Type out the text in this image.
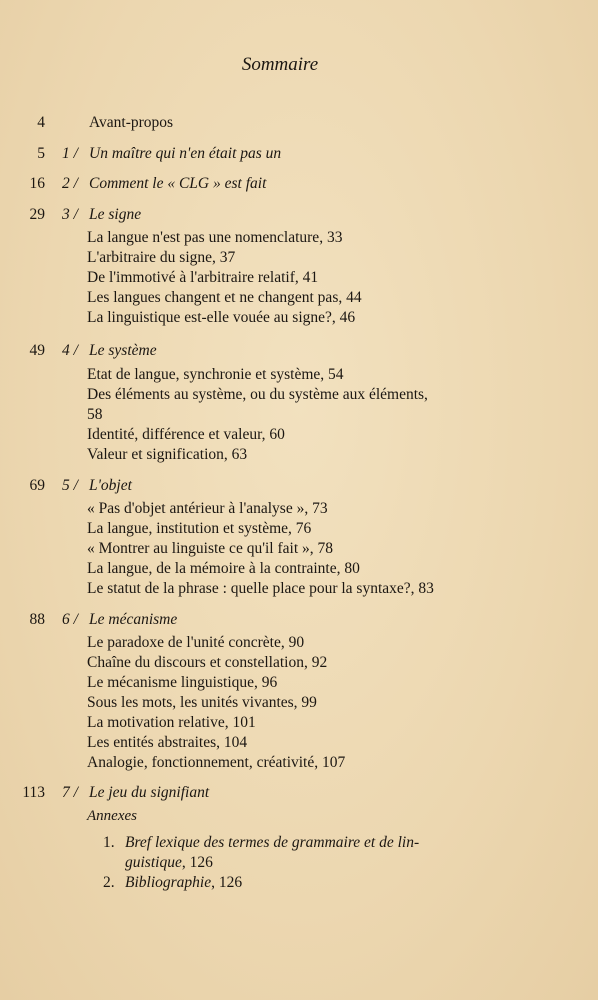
Sommaire
4	Avant-propos
5 1 / Un maître qui n'en était pas un
16 2 / Comment le « CLG » est fait
29 3 / Le signe
La langue n'est pas une nomenclature, 33
L'arbitraire du signe, 37
De l'immotivé à l'arbitraire relatif, 41
Les langues changent et ne changent pas, 44
La linguistique est-elle vouée au signe?, 46
49 4 / Le système
Etat de langue, synchronie et système, 54
Des éléments au système, ou du système aux éléments,
58
Identité, différence et valeur, 60
Valeur et signification, 63
69 5 / L'objet
« Pas d'objet antérieur à l'analyse », 73
La langue, institution et système, 76
« Montrer au linguiste ce qu'il fait », 78
La langue, de la mémoire à la contrainte, 80
Le statut de la phrase : quelle place pour la syntaxe?, 83
88 6 / Le mécanisme
Le paradoxe de l'unité concrète, 90
Chaîne du discours et constellation, 92
Le mécanisme linguistique, 96
Sous les mots, les unités vivantes, 99
La motivation relative, 101
Les entités abstraites, 104
Analogie, fonctionnement, créativité, 107
113 7 / Le jeu du signifiant
Annexes
1. Bref lexique des termes de grammaire et de lin-
guistique, 126
2. Bibliographie, 126
